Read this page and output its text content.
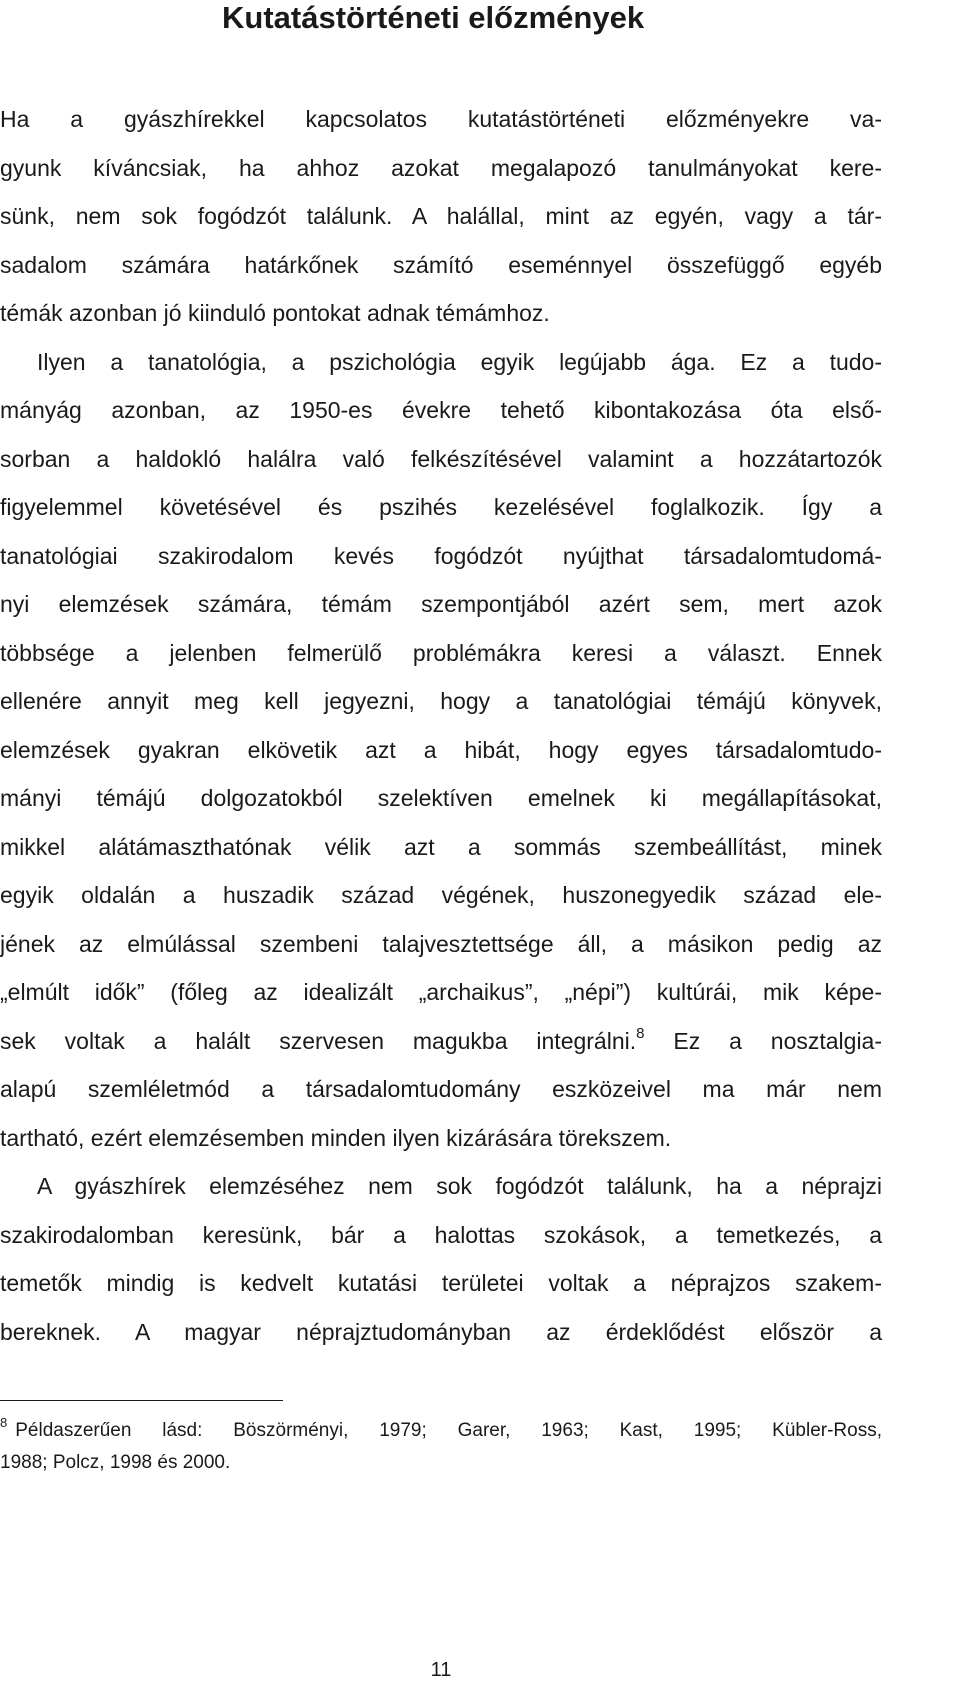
Kutatástörténeti előzmények
Ha a gyászhírekkel kapcsolatos kutatástörténeti előzményekre va-
gyunk kíváncsiak, ha ahhoz azokat megalapozó tanulmányokat kere-
sünk, nem sok fogódzót találunk. A halállal, mint az egyén, vagy a tár-
sadalom számára határkőnek számító eseménnyel összefüggő egyéb
témák azonban jó kiinduló pontokat adnak témámhoz.
Ilyen a tanatológia, a pszichológia egyik legújabb ága. Ez a tudo-
mányág azonban, az 1950-es évekre tehető kibontakozása óta első-
sorban a haldokló halálra való felkészítésével valamint a hozzátartozók
figyelemmel követésével és pszihés kezelésével foglalkozik. Így a
tanatológiai szakirodalom kevés fogódzót nyújthat társadalomtudomá-
nyi elemzések számára, témám szempontjából azért sem, mert azok
többsége a jelenben felmerülő problémákra keresi a választ. Ennek
ellenére annyit meg kell jegyezni, hogy a tanatológiai témájú könyvek,
elemzések gyakran elkövetik azt a hibát, hogy egyes társadalomtudo-
mányi témájú dolgozatokból szelektíven emelnek ki megállapításokat,
mikkel alátámaszthatónak vélik azt a sommás szembeállítást, minek
egyik oldalán a huszadik század végének, huszonegyedik század ele-
jének az elmúlással szembeni talajvesztettsége áll, a másikon pedig az
„elmúlt idők” (főleg az idealizált „archaikus”, „népi”) kultúrái, mik képe-
sek voltak a halált szervesen magukba integrálni.$^8$ Ez a nosztalgia-
alapú szemléletmód a társadalomtudomány eszközeivel ma már nem
tartható, ezért elemzésemben minden ilyen kizárására törekszem.
A gyászhírek elemzéséhez nem sok fogódzót találunk, ha a néprajzi
szakirodalomban keresünk, bár a halottas szokások, a temetkezés, a
temetők mindig is kedvelt kutatási területei voltak a néprajzos szakem-
bereknek. A magyar néprajztudományban az érdeklődést először a
$^8$ Példaszerűen lásd: Böszörményi, 1979; Garer, 1963; Kast, 1995; Kübler-Ross,
1988; Polcz, 1998 és 2000.
11
